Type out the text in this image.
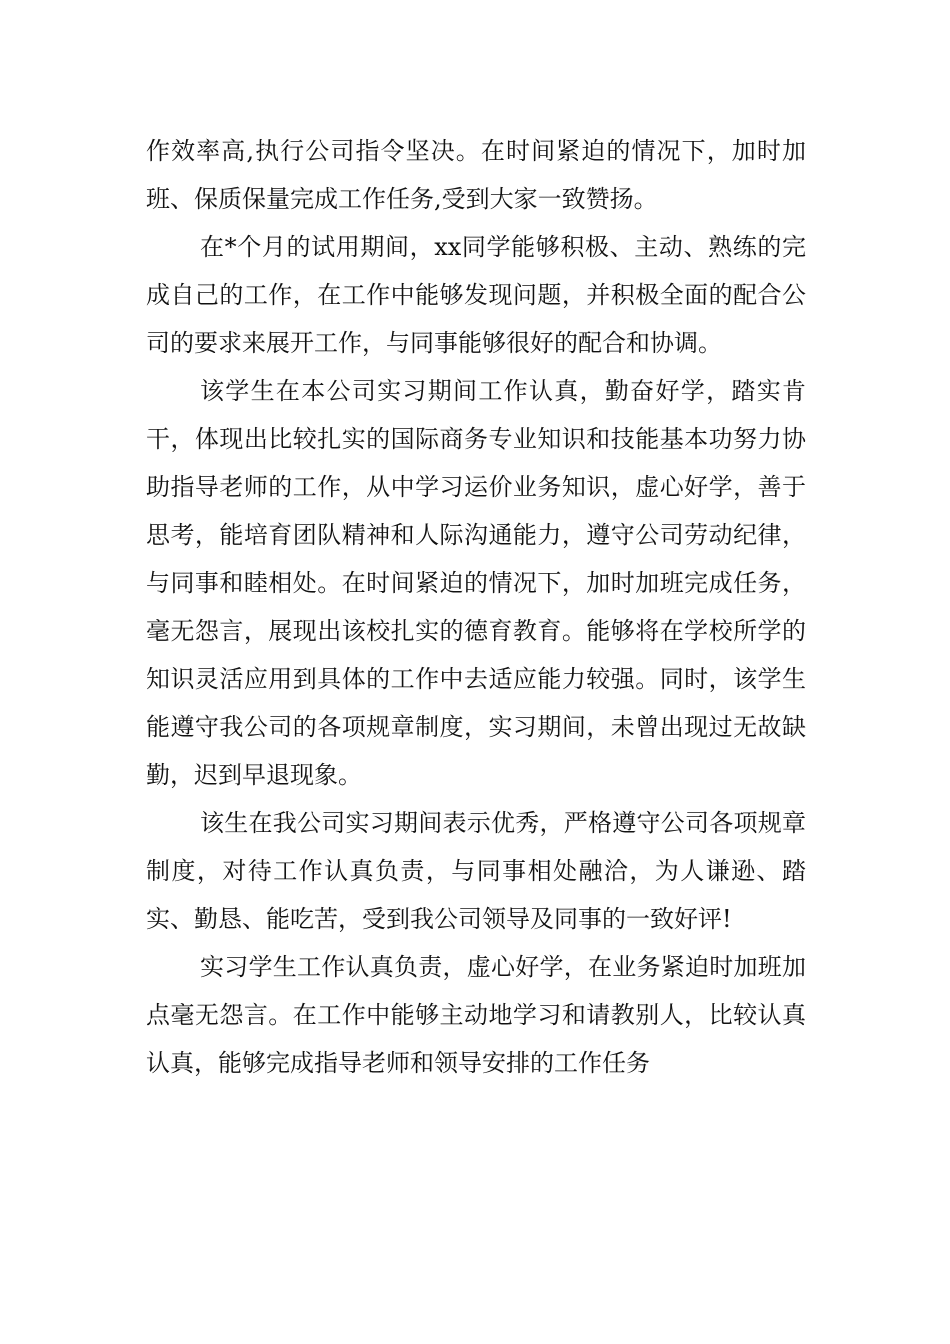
作效率高,执行公司指令坚决。在时间紧迫的情况下，加时加班、保质保量完成工作任务,受到大家一致赞扬。

在*个月的试用期间，xx同学能够积极、主动、熟练的完成自己的工作，在工作中能够发现问题，并积极全面的配合公司的要求来展开工作，与同事能够很好的配合和协调。

该学生在本公司实习期间工作认真，勤奋好学，踏实肯干，体现出比较扎实的国际商务专业知识和技能基本功努力协助指导老师的工作，从中学习运价业务知识，虚心好学，善于思考，能培育团队精神和人际沟通能力，遵守公司劳动纪律，与同事和睦相处。在时间紧迫的情况下，加时加班完成任务，毫无怨言，展现出该校扎实的德育教育。能够将在学校所学的知识灵活应用到具体的工作中去适应能力较强。同时，该学生能遵守我公司的各项规章制度，实习期间，未曾出现过无故缺勤，迟到早退现象。

该生在我公司实习期间表示优秀，严格遵守公司各项规章制度，对待工作认真负责，与同事相处融洽，为人谦逊、踏实、勤恳、能吃苦，受到我公司领导及同事的一致好评!

实习学生工作认真负责，虚心好学，在业务紧迫时加班加点毫无怨言。在工作中能够主动地学习和请教别人，比较认真认真，能够完成指导老师和领导安排的工作任务
